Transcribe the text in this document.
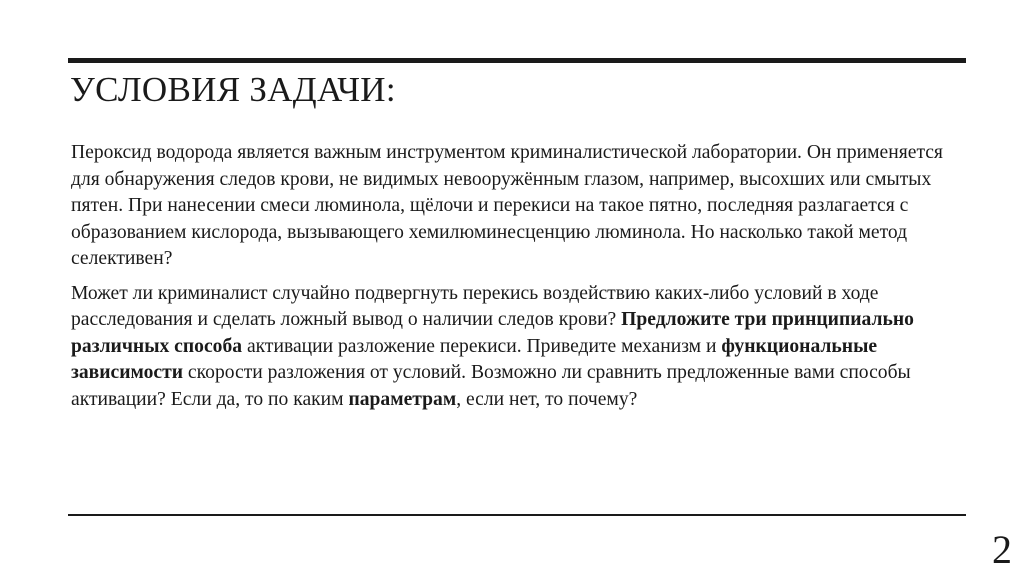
УСЛОВИЯ ЗАДАЧИ:

Пероксид водорода является важным инструментом криминалистической лаборатории. Он применяется для обнаружения следов крови, не видимых невооружённым глазом, например, высохших или смытых пятен. При нанесении смеси люминола, щёлочи и перекиси на такое пятно, последняя разлагается с образованием кислорода, вызывающего хемилюминесценцию люминола. Но насколько такой метод селективен?

Может ли криминалист случайно подвергнуть перекись воздействию каких-либо условий в ходе расследования и сделать ложный вывод о наличии следов крови? Предложите три принципиально различных способа активации разложение перекиси. Приведите механизм и функциональные зависимости скорости разложения от условий. Возможно ли сравнить предложенные вами способы активации? Если да, то по каким параметрам, если нет, то почему?

2
